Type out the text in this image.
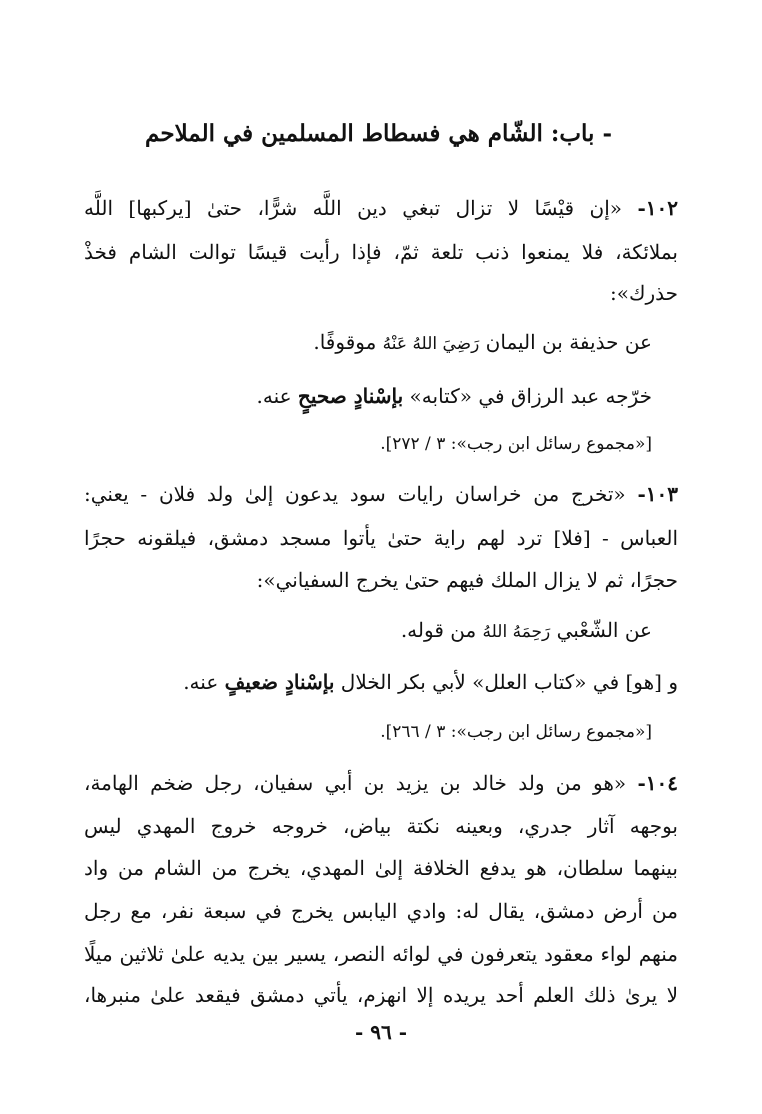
- باب: الشّام هي فسطاط المسلمين في الملاحم
١٠٢- «إن قيْسًا لا تزال تبغي دين اللَّه شرًّا، حتىٰ [يركبها] اللَّه
بملائكة، فلا يمنعوا ذنب تلعة ثمّ، فإذا رأيت قيسًا توالت الشام فخذْ
حذرك»:
عن حذيفة بن اليمان رَضِيَ اللهُ عَنْهُ موقوفًا.
خرّجه عبد الرزاق في «كتابه» بإسْنادٍ صحيحٍ عنه.
[«مجموع رسائل ابن رجب»: ٣ / ٢٧٢].
١٠٣- «تخرج من خراسان رايات سود يدعون إلىٰ ولد فلان - يعني:
العباس - [فلا] ترد لهم راية حتىٰ يأتوا مسجد دمشق، فيلقونه حجرًا
حجرًا، ثم لا يزال الملك فيهم حتىٰ يخرج السفياني»:
عن الشّعْبي رَحِمَهُ اللهُ من قوله.
و [هو] في «كتاب العلل» لأبي بكر الخلال بإسْنادٍ ضعيفٍ عنه.
[«مجموع رسائل ابن رجب»: ٣ / ٢٦٦].
١٠٤- «هو من ولد خالد بن يزيد بن أبي سفيان، رجل ضخم الهامة،
بوجهه آثار جدري، وبعينه نكتة بياض، خروجه خروج المهدي ليس
بينهما سلطان، هو يدفع الخلافة إلىٰ المهدي، يخرج من الشام من واد
من أرض دمشق، يقال له: وادي اليابس يخرج في سبعة نفر، مع رجل
منهم لواء معقود يتعرفون في لوائه النصر، يسير بين يديه علىٰ ثلاثين ميلًا
لا يرىٰ ذلك العلم أحد يريده إلا انهزم، يأتي دمشق فيقعد علىٰ منبرها،
- ٩٦ -
